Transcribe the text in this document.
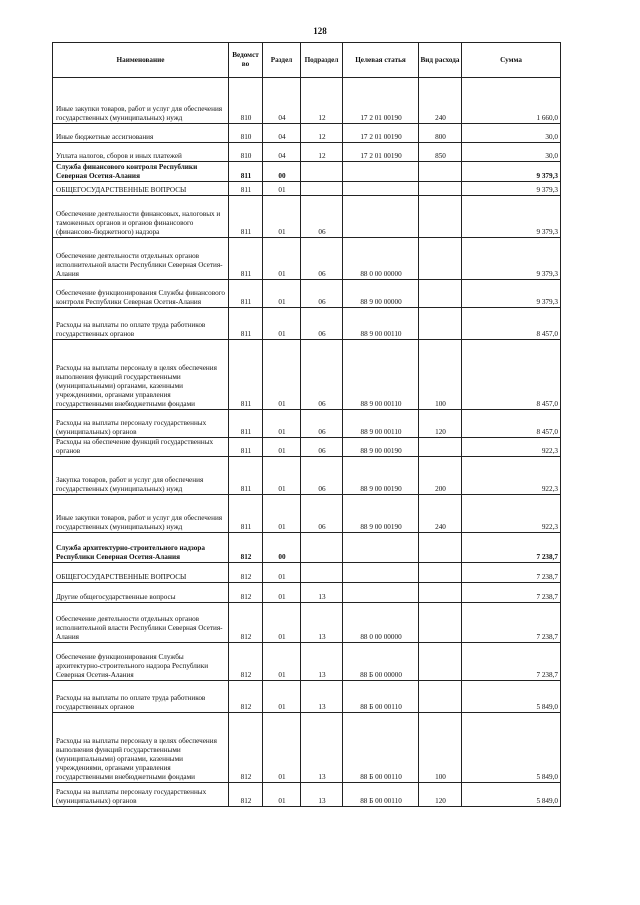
128
Наименование	Ведомст во	Раздел	Подраздел	Целевая статья	Вид расхода	Сумма
Иные закупки товаров, работ и услуг для обеспечения государственных (муниципальных) нужд	810	04	12	17 2 01 00190	240	1 660,0
Иные бюджетные ассигнования	810	04	12	17 2 01 00190	800	30,0
Уплата налогов, сборов и иных платежей	810	04	12	17 2 01 00190	850	30,0
Служба финансового контроля Республики Северная Осетия-Алания	811	00				9 379,3
ОБЩЕГОСУДАРСТВЕННЫЕ ВОПРОСЫ	811	01				9 379,3
Обеспечение деятельности финансовых, налоговых и таможенных органов и органов финансового (финансово-бюджетного) надзора	811	01	06			9 379,3
Обеспечение деятельности отдельных органов исполнительной власти Республики Северная Осетия-Алания	811	01	06	88 0 00 00000		9 379,3
Обеспечение функционирования Службы финансового контроля Республики Северная Осетия-Алания	811	01	06	88 9 00 00000		9 379,3
Расходы на выплаты по оплате труда работников государственных органов	811	01	06	88 9 00 00110		8 457,0
Расходы на выплаты персоналу в целях обеспечения выполнения функций государственными (муниципальными) органами, казенными учреждениями, органами управления государственными внебюджетными фондами	811	01	06	88 9 00 00110	100	8 457,0
Расходы на выплаты персоналу государственных (муниципальных) органов	811	01	06	88 9 00 00110	120	8 457,0
Расходы на обеспечение функций государственных органов	811	01	06	88 9 00 00190		922,3
Закупка товаров, работ и услуг для обеспечения государственных (муниципальных) нужд	811	01	06	88 9 00 00190	200	922,3
Иные закупки товаров, работ и услуг для обеспечения государственных (муниципальных) нужд	811	01	06	88 9 00 00190	240	922,3
Служба архитектурно-строительного надзора Республики Северная Осетия-Алания	812	00				7 238,7
ОБЩЕГОСУДАРСТВЕННЫЕ ВОПРОСЫ	812	01				7 238,7
Другие общегосударственные вопросы	812	01	13			7 238,7
Обеспечение деятельности отдельных органов исполнительной власти Республики Северная Осетия-Алания	812	01	13	88 0 00 00000		7 238,7
Обеспечение функционирования Службы архитектурно-строительного надзора Республики Северная Осетия-Алания	812	01	13	88 Б 00 00000		7 238,7
Расходы на выплаты по оплате труда работников государственных органов	812	01	13	88 Б 00 00110		5 849,0
Расходы на выплаты персоналу в целях обеспечения выполнения функций государственными (муниципальными) органами, казенными учреждениями, органами управления государственными внебюджетными фондами	812	01	13	88 Б 00 00110	100	5 849,0
Расходы на выплаты персоналу государственных (муниципальных) органов	812	01	13	88 Б 00 00110	120	5 849,0
